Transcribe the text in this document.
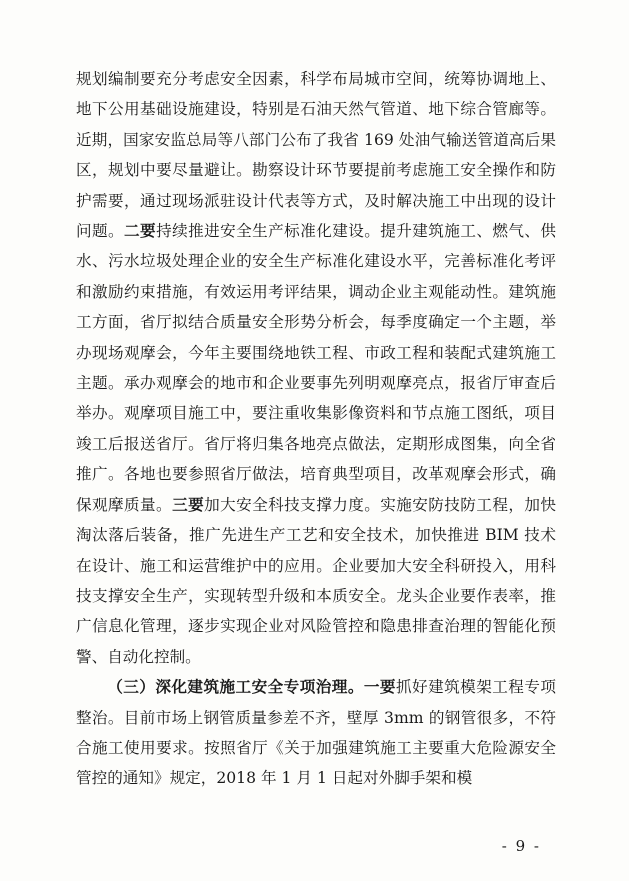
规划编制要充分考虑安全因素，科学布局城市空间，统筹协调地上、地下公用基础设施建设，特别是石油天然气管道、地下综合管廊等。近期，国家安监总局等八部门公布了我省 169 处油气输送管道高后果区，规划中要尽量避让。勘察设计环节要提前考虑施工安全操作和防护需要，通过现场派驻设计代表等方式，及时解决施工中出现的设计问题。二要持续推进安全生产标准化建设。提升建筑施工、燃气、供水、污水垃圾处理企业的安全生产标准化建设水平，完善标准化考评和激励约束措施，有效运用考评结果，调动企业主观能动性。建筑施工方面，省厅拟结合质量安全形势分析会，每季度确定一个主题，举办现场观摩会，今年主要围绕地铁工程、市政工程和装配式建筑施工主题。承办观摩会的地市和企业要事先列明观摩亮点，报省厅审查后举办。观摩项目施工中，要注重收集影像资料和节点施工图纸，项目竣工后报送省厅。省厅将归集各地亮点做法，定期形成图集，向全省推广。各地也要参照省厅做法，培育典型项目，改革观摩会形式，确保观摩质量。三要加大安全科技支撑力度。实施安防技防工程，加快淘汰落后装备，推广先进生产工艺和安全技术，加快推进 BIM 技术在设计、施工和运营维护中的应用。企业要加大安全科研投入，用科技支撑安全生产，实现转型升级和本质安全。龙头企业要作表率，推广信息化管理，逐步实现企业对风险管控和隐患排查治理的智能化预警、自动化控制。

（三）深化建筑施工安全专项治理。一要抓好建筑模架工程专项整治。目前市场上钢管质量参差不齐，壁厚 3mm 的钢管很多，不符合施工使用要求。按照省厅《关于加强建筑施工主要重大危险源安全管控的通知》规定，2018 年 1 月 1 日起对外脚手架和模

- 9 -
